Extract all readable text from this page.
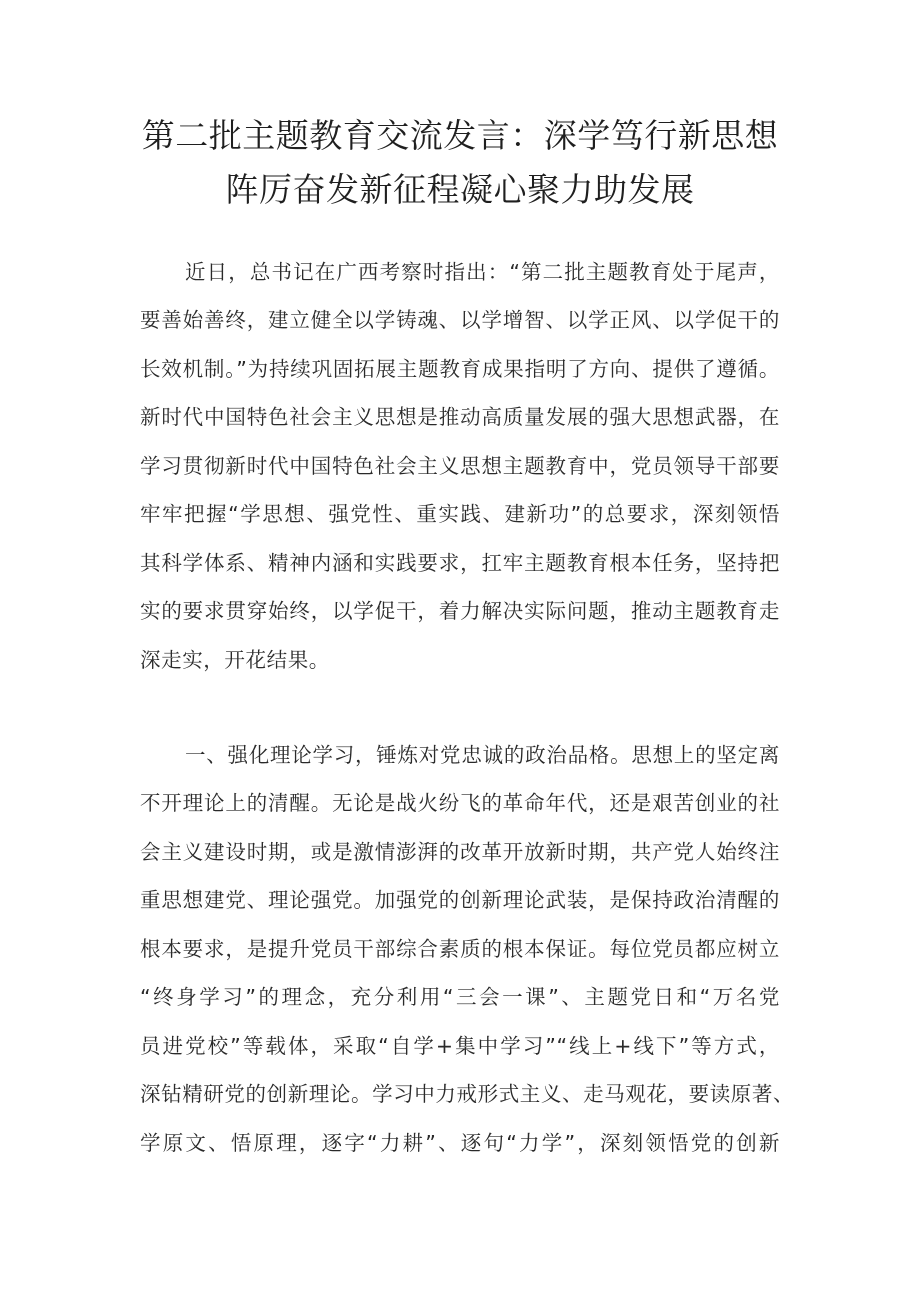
第二批主题教育交流发言：深学笃行新思想
阵厉奋发新征程凝心聚力助发展
近日，总书记在广西考察时指出：“第二批主题教育处于尾声，
要善始善终，建立健全以学铸魂、以学增智、以学正风、以学促干的
长效机制。”为持续巩固拓展主题教育成果指明了方向、提供了遵循。
新时代中国特色社会主义思想是推动高质量发展的强大思想武器，在
学习贯彻新时代中国特色社会主义思想主题教育中，党员领导干部要
牢牢把握“学思想、强党性、重实践、建新功”的总要求，深刻领悟
其科学体系、精神内涵和实践要求，扛牢主题教育根本任务，坚持把
实的要求贯穿始终，以学促干，着力解决实际问题，推动主题教育走
深走实，开花结果。
一、强化理论学习，锤炼对党忠诚的政治品格。思想上的坚定离
不开理论上的清醒。无论是战火纷飞的革命年代，还是艰苦创业的社
会主义建设时期，或是激情澎湃的改革开放新时期，共产党人始终注
重思想建党、理论强党。加强党的创新理论武装，是保持政治清醒的
根本要求，是提升党员干部综合素质的根本保证。每位党员都应树立
“终身学习”的理念，充分利用“三会一课”、主题党日和“万名党
员进党校”等载体，采取“自学+集中学习”“线上+线下”等方式，
深钻精研党的创新理论。学习中力戒形式主义、走马观花，要读原著、
学原文、悟原理，逐字“力耕”、逐句“力学”，深刻领悟党的创新
